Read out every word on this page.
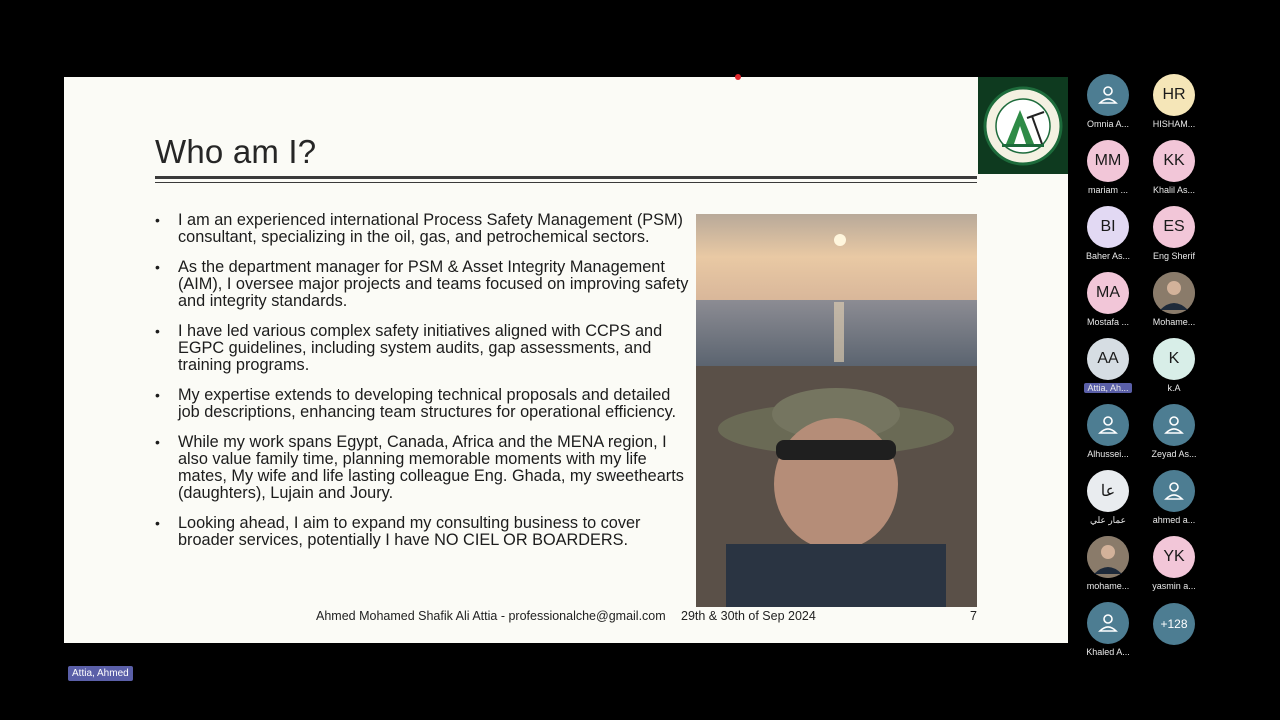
Who am I?
• I am an experienced international Process Safety Management (PSM) consultant, specializing in the oil, gas, and petrochemical sectors.
• As the department manager for PSM & Asset Integrity Management (AIM), I oversee major projects and teams focused on improving safety and integrity standards.
• I have led various complex safety initiatives aligned with CCPS and EGPC guidelines, including system audits, gap assessments, and training programs.
• My expertise extends to developing technical proposals and detailed job descriptions, enhancing team structures for operational efficiency.
• While my work spans Egypt, Canada, Africa and the MENA region, I also value family time, planning memorable moments with my life mates, My wife and life lasting colleague Eng. Ghada, my sweethearts (daughters), Lujain and Joury.
• Looking ahead, I aim to expand my consulting business to cover broader services, potentially I have NO CIEL OR BOARDERS.
Ahmed Mohamed Shafik Ali Attia - professionalche@gmail.com 29th & 30th of Sep 2024	7
Omnia A...
HR
HISHAM...
MM
mariam ...
KK
Khalil As...
BI
Baher As...
ES
Eng Sherif
MA
Mostafa ...	Mohame...
AA
Attia, Ah...
K
k.A
Alhussei...	Zeyad As...
عا
عمار علي	ahmed a...
mohame...
YK
yasmin a...
Khaled A...
+128
Attia, Ahmed
